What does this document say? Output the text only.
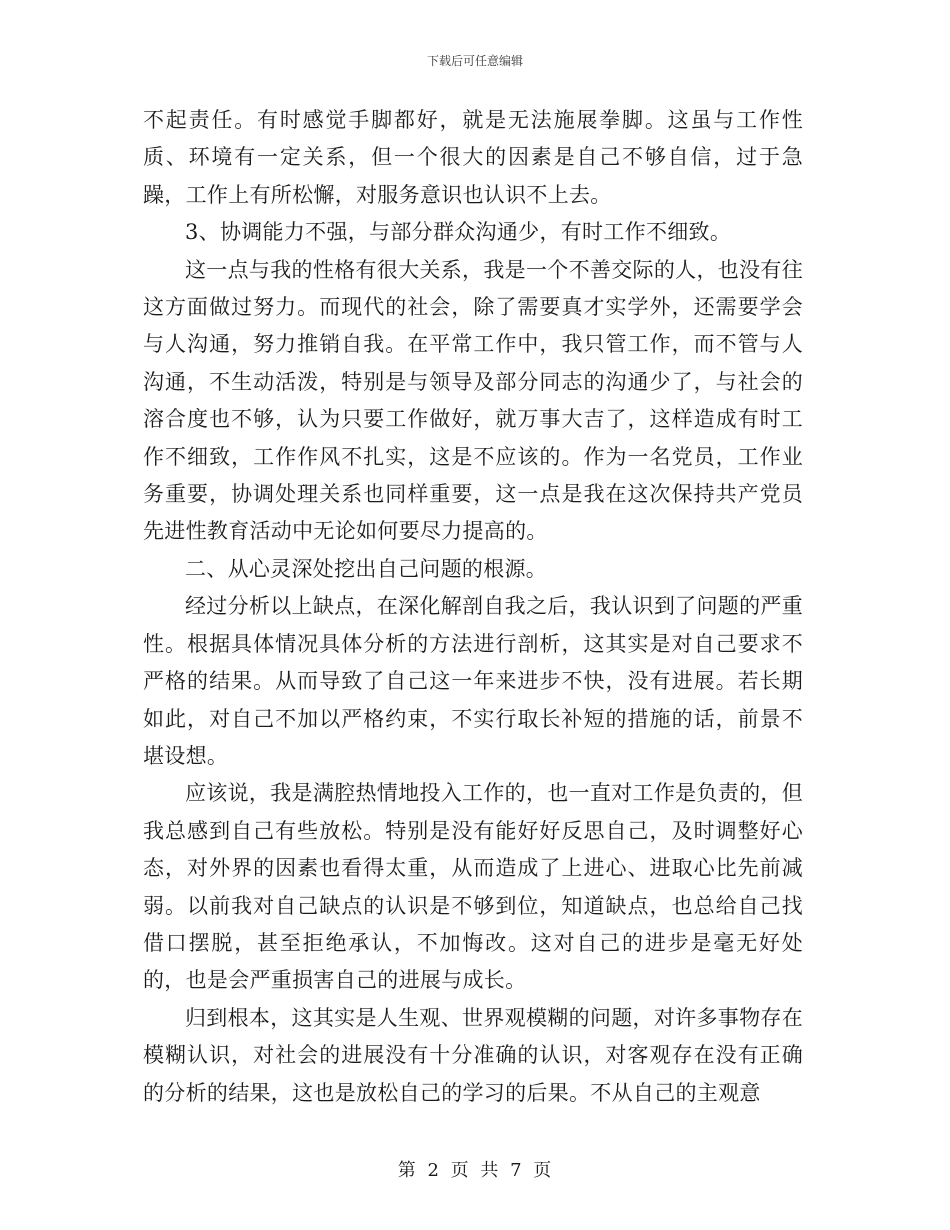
下载后可任意编辑

不起责任。有时感觉手脚都好，就是无法施展拳脚。这虽与工作性质、环境有一定关系，但一个很大的因素是自己不够自信，过于急躁，工作上有所松懈，对服务意识也认识不上去。

3、协调能力不强，与部分群众沟通少，有时工作不细致。

这一点与我的性格有很大关系，我是一个不善交际的人，也没有往这方面做过努力。而现代的社会，除了需要真才实学外，还需要学会与人沟通，努力推销自我。在平常工作中，我只管工作，而不管与人沟通，不生动活泼，特别是与领导及部分同志的沟通少了，与社会的溶合度也不够，认为只要工作做好，就万事大吉了，这样造成有时工作不细致，工作作风不扎实，这是不应该的。作为一名党员，工作业务重要，协调处理关系也同样重要，这一点是我在这次保持共产党员先进性教育活动中无论如何要尽力提高的。

二、从心灵深处挖出自己问题的根源。

经过分析以上缺点，在深化解剖自我之后，我认识到了问题的严重性。根据具体情况具体分析的方法进行剖析，这其实是对自己要求不严格的结果。从而导致了自己这一年来进步不快，没有进展。若长期如此，对自己不加以严格约束，不实行取长补短的措施的话，前景不堪设想。

应该说，我是满腔热情地投入工作的，也一直对工作是负责的，但我总感到自己有些放松。特别是没有能好好反思自己，及时调整好心态，对外界的因素也看得太重，从而造成了上进心、进取心比先前减弱。以前我对自己缺点的认识是不够到位，知道缺点，也总给自己找借口摆脱，甚至拒绝承认，不加悔改。这对自己的进步是毫无好处的，也是会严重损害自己的进展与成长。

归到根本，这其实是人生观、世界观模糊的问题，对许多事物存在模糊认识，对社会的进展没有十分准确的认识，对客观存在没有正确的分析的结果，这也是放松自己的学习的后果。不从自己的主观意

第 2 页 共 7 页
